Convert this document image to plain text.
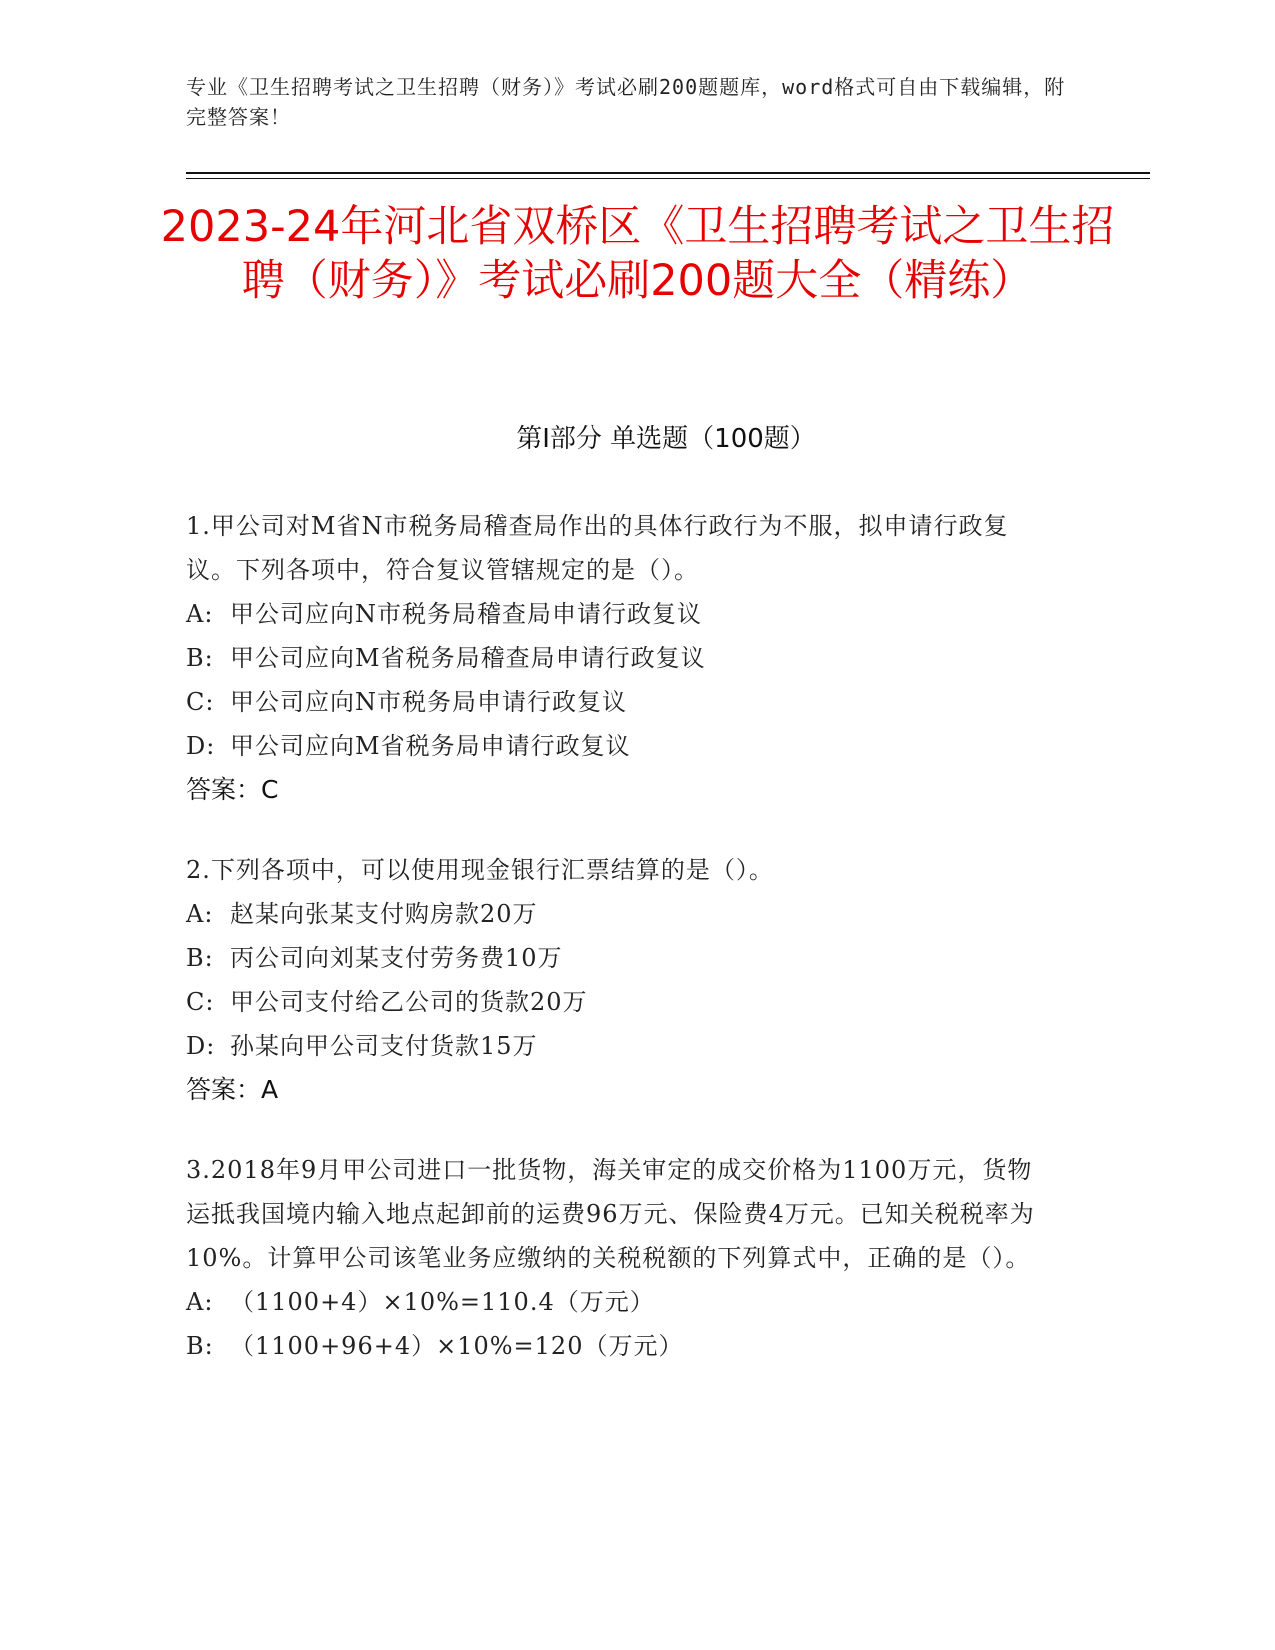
专业《卫生招聘考试之卫生招聘（财务）》考试必刷200题题库，word格式可自由下载编辑，附完整答案！
2023-24年河北省双桥区《卫生招聘考试之卫生招聘（财务）》考试必刷200题大全（精练）
第Ⅰ部分 单选题（100题）
1.甲公司对M省N市税务局稽查局作出的具体行政行为不服，拟申请行政复议。下列各项中，符合复议管辖规定的是（）。
A: 甲公司应向N市税务局稽查局申请行政复议
B: 甲公司应向M省税务局稽查局申请行政复议
C: 甲公司应向N市税务局申请行政复议
D: 甲公司应向M省税务局申请行政复议
答案：C
2.下列各项中，可以使用现金银行汇票结算的是（）。
A: 赵某向张某支付购房款20万
B: 丙公司向刘某支付劳务费10万
C: 甲公司支付给乙公司的货款20万
D: 孙某向甲公司支付货款15万
答案：A
3.2018年9月甲公司进口一批货物，海关审定的成交价格为1100万元，货物运抵我国境内输入地点起卸前的运费96万元、保险费4万元。已知关税税率为10%。计算甲公司该笔业务应缴纳的关税税额的下列算式中，正确的是（）。
A: （1100+4）×10%=110.4（万元）
B: （1100+96+4）×10%=120（万元）
